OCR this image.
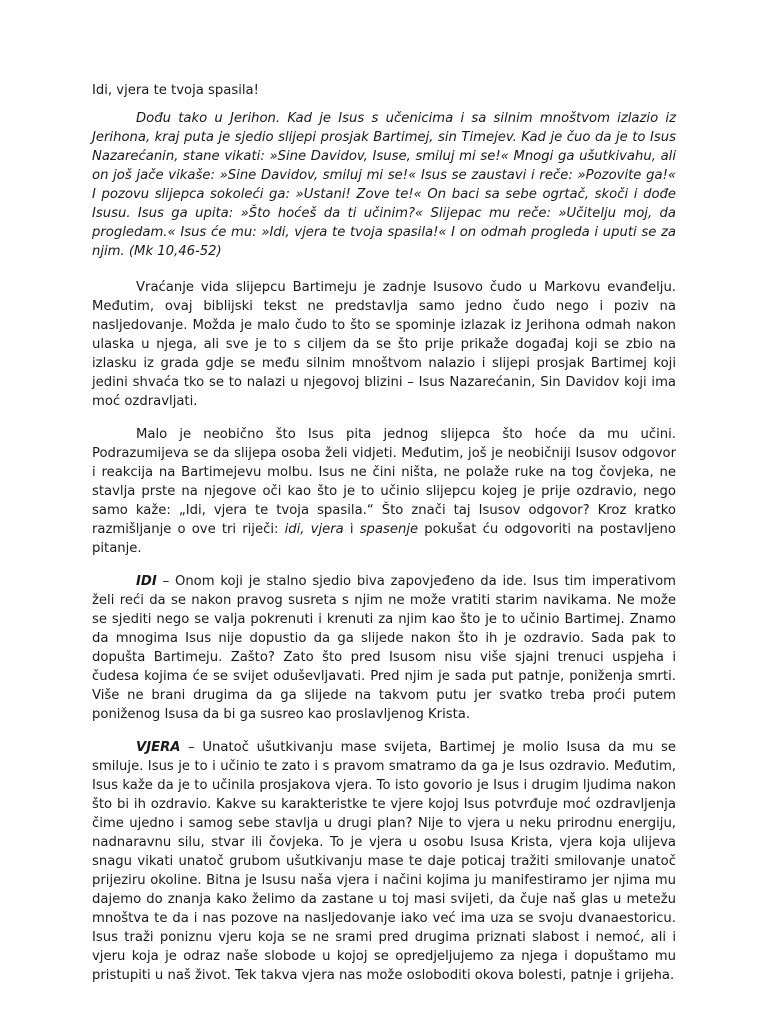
Idi, vjera te tvoja spasila!

Dođu tako u Jerihon. Kad je Isus s učenicima i sa silnim mnoštvom izlazio iz Jerihona, kraj puta je sjedio slijepi prosjak Bartimej, sin Timejev. Kad je čuo da je to Isus Nazarećanin, stane vikati: »Sine Davidov, Isuse, smiluj mi se!« Mnogi ga ušutkivahu, ali on još jače vikaše: »Sine Davidov, smiluj mi se!« Isus se zaustavi i reče: »Pozovite ga!« I pozovu slijepca sokoleći ga: »Ustani! Zove te!« On baci sa sebe ogrtač, skoči i dođe Isusu. Isus ga upita: »Što hoćeš da ti učinim?« Slijepac mu reče: »Učitelju moj, da progledam.« Isus će mu: »Idi, vjera te tvoja spasila!« I on odmah progleda i uputi se za njim. (Mk 10,46-52)

Vraćanje vida slijepcu Bartimeju je zadnje Isusovo čudo u Markovu evanđelju. Međutim, ovaj biblijski tekst ne predstavlja samo jedno čudo nego i poziv na nasljedovanje. Možda je malo čudo to što se spominje izlazak iz Jerihona odmah nakon ulaska u njega, ali sve je to s ciljem da se što prije prikaže događaj koji se zbio na izlasku iz grada gdje se među silnim mnoštvom nalazio i slijepi prosjak Bartimej koji jedini shvaća tko se to nalazi u njegovoj blizini – Isus Nazarećanin, Sin Davidov koji ima moć ozdravljati.

Malo je neobično što Isus pita jednog slijepca što hoće da mu učini. Podrazumijeva se da slijepa osoba želi vidjeti. Međutim, još je neobičniji Isusov odgovor i reakcija na Bartimejevu molbu. Isus ne čini ništa, ne polaže ruke na tog čovjeka, ne stavlja prste na njegove oči kao što je to učinio slijepcu kojeg je prije ozdravio, nego samo kaže: „Idi, vjera te tvoja spasila.“ Što znači taj Isusov odgovor? Kroz kratko razmišljanje o ove tri riječi: idi, vjera i spasenje pokušat ću odgovoriti na postavljeno pitanje.

IDI – Onom koji je stalno sjedio biva zapovjeđeno da ide. Isus tim imperativom želi reći da se nakon pravog susreta s njim ne može vratiti starim navikama. Ne može se sjediti nego se valja pokrenuti i krenuti za njim kao što je to učinio Bartimej. Znamo da mnogima Isus nije dopustio da ga slijede nakon što ih je ozdravio. Sada pak to dopušta Bartimeju. Zašto? Zato što pred Isusom nisu više sjajni trenuci uspjeha i čudesa kojima će se svijet oduševljavati. Pred njim je sada put patnje, poniženja smrti. Više ne brani drugima da ga slijede na takvom putu jer svatko treba proći putem poniženog Isusa da bi ga susreo kao proslavljenog Krista.

VJERA – Unatoč ušutkivanju mase svijeta, Bartimej je molio Isusa da mu se smiluje. Isus je to i učinio te zato i s pravom smatramo da ga je Isus ozdravio. Međutim, Isus kaže da je to učinila prosjakova vjera. To isto govorio je Isus i drugim ljudima nakon što bi ih ozdravio. Kakve su karakteristke te vjere kojoj Isus potvrđuje moć ozdravljenja čime ujedno i samog sebe stavlja u drugi plan? Nije to vjera u neku prirodnu energiju, nadnaravnu silu, stvar ili čovjeka. To je vjera u osobu Isusa Krista, vjera koja ulijeva snagu vikati unatoč grubom ušutkivanju mase te daje poticaj tražiti smilovanje unatoč prijeziru okoline. Bitna je Isusu naša vjera i načini kojima ju manifestiramo jer njima mu dajemo do znanja kako želimo da zastane u toj masi svijeti, da čuje naš glas u metežu mnoštva te da i nas pozove na nasljedovanje iako već ima uza se svoju dvanaestoricu. Isus traži poniznu vjeru koja se ne srami pred drugima priznati slabost i nemoć, ali i vjeru koja je odraz naše slobode u kojoj se opredjeljujemo za njega i dopuštamo mu pristupiti u naš život. Tek takva vjera nas može osloboditi okova bolesti, patnje i grijeha.
